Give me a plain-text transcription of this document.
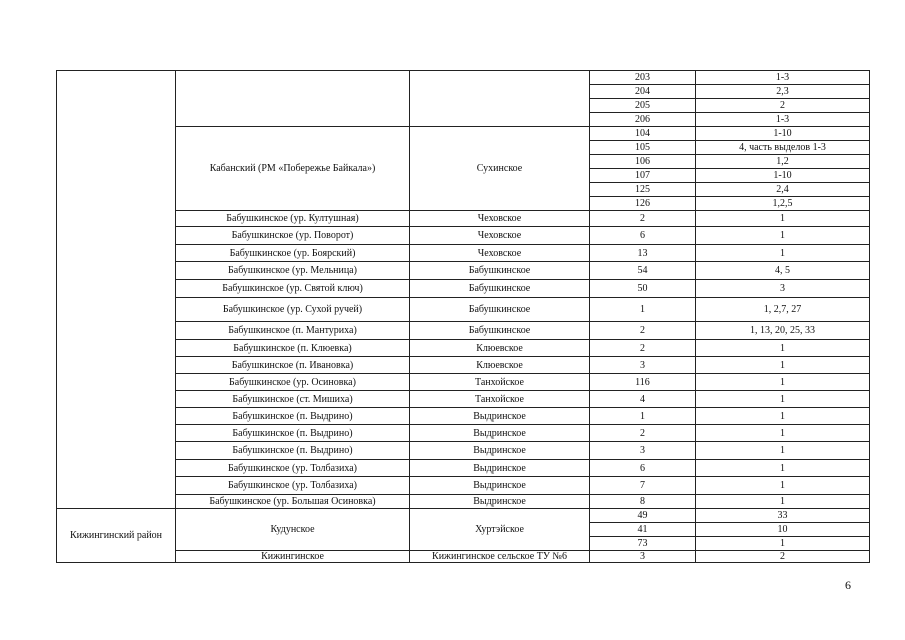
			203	1-3
			204	2,3
			205	2
			206	1-3
	Кабанский (РМ «Побережье Байкала»)	Сухинское	104	1-10
			105	4, часть выделов 1-3
			106	1,2
			107	1-10
			125	2,4
			126	1,2,5
	Бабушкинское (ур. Култушная)	Чеховское	2	1
	Бабушкинское (ур. Поворот)	Чеховское	6	1
	Бабушкинское (ур. Боярский)	Чеховское	13	1
	Бабушкинское (ур. Мельница)	Бабушкинское	54	4, 5
	Бабушкинское (ур. Святой ключ)	Бабушкинское	50	3
	Бабушкинское (ур. Сухой ручей)	Бабушкинское	1	1, 2,7, 27
	Бабушкинское (п. Мантуриха)	Бабушкинское	2	1, 13, 20, 25, 33
	Бабушкинское (п. Клюевка)	Клюевское	2	1
	Бабушкинское (п. Ивановка)	Клюевское	3	1
	Бабушкинское (ур. Осиновка)	Танхойское	116	1
	Бабушкинское (ст. Мишиха)	Танхойское	4	1
	Бабушкинское (п. Выдрино)	Выдринское	1	1
	Бабушкинское (п. Выдрино)	Выдринское	2	1
	Бабушкинское (п. Выдрино)	Выдринское	3	1
	Бабушкинское (ур. Толбазиха)	Выдринское	6	1
	Бабушкинское (ур. Толбазиха)	Выдринское	7	1
	Бабушкинское (ур. Большая Осиновка)	Выдринское	8	1
Кижингинский район	Кудунское	Хуртэйское	49	33
			41	10
			73	1
	Кижингинское	Кижингинское сельское ТУ №6	3	2
6
